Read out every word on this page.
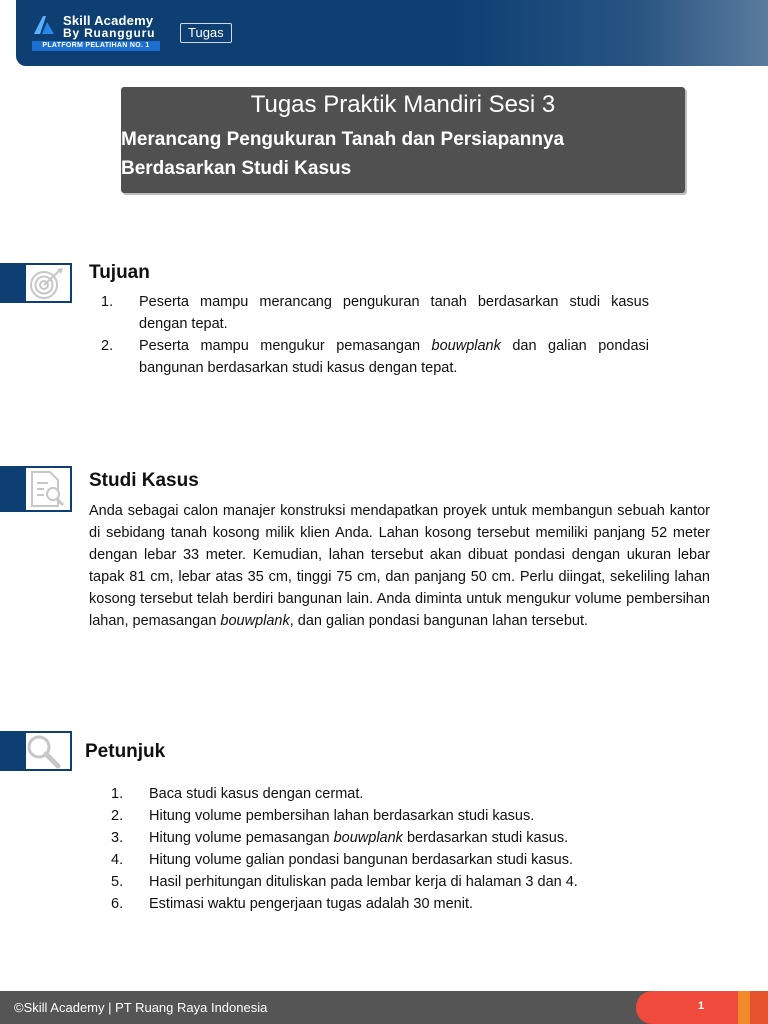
Skill Academy
By Ruangguru
PLATFORM PELATIHAN NO. 1
Tugas
Tugas Praktik Mandiri Sesi 3
Merancang Pengukuran Tanah dan Persiapannya
Berdasarkan Studi Kasus
Tujuan
1. Peserta mampu merancang pengukuran tanah berdasarkan studi kasus dengan tepat.
2. Peserta mampu mengukur pemasangan bouwplank dan galian pondasi bangunan berdasarkan studi kasus dengan tepat.
Studi Kasus

Anda sebagai calon manajer konstruksi mendapatkan proyek untuk membangun sebuah kantor di sebidang tanah kosong milik klien Anda. Lahan kosong tersebut memiliki panjang 52 meter dengan lebar 33 meter. Kemudian, lahan tersebut akan dibuat pondasi dengan ukuran lebar tapak 81 cm, lebar atas 35 cm, tinggi 75 cm, dan panjang 50 cm. Perlu diingat, sekeliling lahan kosong tersebut telah berdiri bangunan lain. Anda diminta untuk mengukur volume pembersihan lahan, pemasangan bouwplank, dan galian pondasi bangunan lahan tersebut.

Petunjuk
1. Baca studi kasus dengan cermat.
2. Hitung volume pembersihan lahan berdasarkan studi kasus.
3. Hitung volume pemasangan bouwplank berdasarkan studi kasus.
4. Hitung volume galian pondasi bangunan berdasarkan studi kasus.
5. Hasil perhitungan dituliskan pada lembar kerja di halaman 3 dan 4.
6. Estimasi waktu pengerjaan tugas adalah 30 menit.
©Skill Academy | PT Ruang Raya Indonesia	1
